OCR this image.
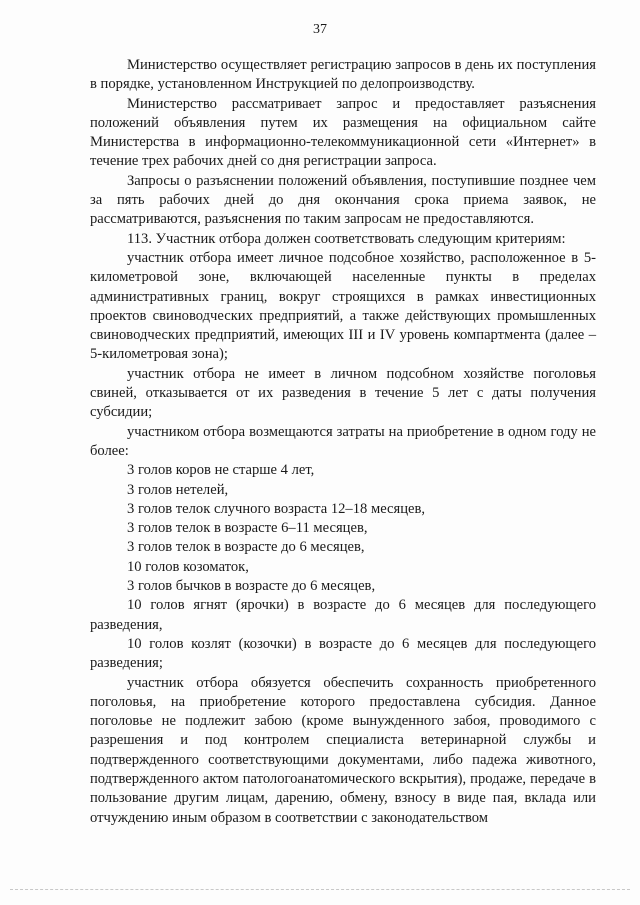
37

Министерство осуществляет регистрацию запросов в день их поступления в порядке, установленном Инструкцией по делопроизводству.

Министерство рассматривает запрос и предоставляет разъяснения положений объявления путем их размещения на официальном сайте Министерства в информационно-телекоммуникационной сети «Интернет» в течение трех рабочих дней со дня регистрации запроса.

Запросы о разъяснении положений объявления, поступившие позднее чем за пять рабочих дней до дня окончания срока приема заявок, не рассматриваются, разъяснения по таким запросам не предоставляются.

113. Участник отбора должен соответствовать следующим критериям:

участник отбора имеет личное подсобное хозяйство, расположенное в 5-километровой зоне, включающей населенные пункты в пределах административных границ, вокруг строящихся в рамках инвестиционных проектов свиноводческих предприятий, а также действующих промышленных свиноводческих предприятий, имеющих III и IV уровень компартмента (далее – 5-километровая зона);

участник отбора не имеет в личном подсобном хозяйстве поголовья свиней, отказывается от их разведения в течение 5 лет с даты получения субсидии;

участником отбора возмещаются затраты на приобретение в одном году не более:

3 голов коров не старше 4 лет,

3 голов нетелей,

3 голов телок случного возраста 12–18 месяцев,

3 голов телок в возрасте 6–11 месяцев,

3 голов телок в возрасте до 6 месяцев,

10 голов козоматок,

3 голов бычков в возрасте до 6 месяцев,

10 голов ягнят (ярочки) в возрасте до 6 месяцев для последующего разведения,

10 голов козлят (козочки) в возрасте до 6 месяцев для последующего разведения;

участник отбора обязуется обеспечить сохранность приобретенного поголовья, на приобретение которого предоставлена субсидия. Данное поголовье не подлежит забою (кроме вынужденного забоя, проводимого с разрешения и под контролем специалиста ветеринарной службы и подтвержденного соответствующими документами, либо падежа животного, подтвержденного актом патологоанатомического вскрытия), продаже, передаче в пользование другим лицам, дарению, обмену, взносу в виде пая, вклада или отчуждению иным образом в соответствии с законодательством
